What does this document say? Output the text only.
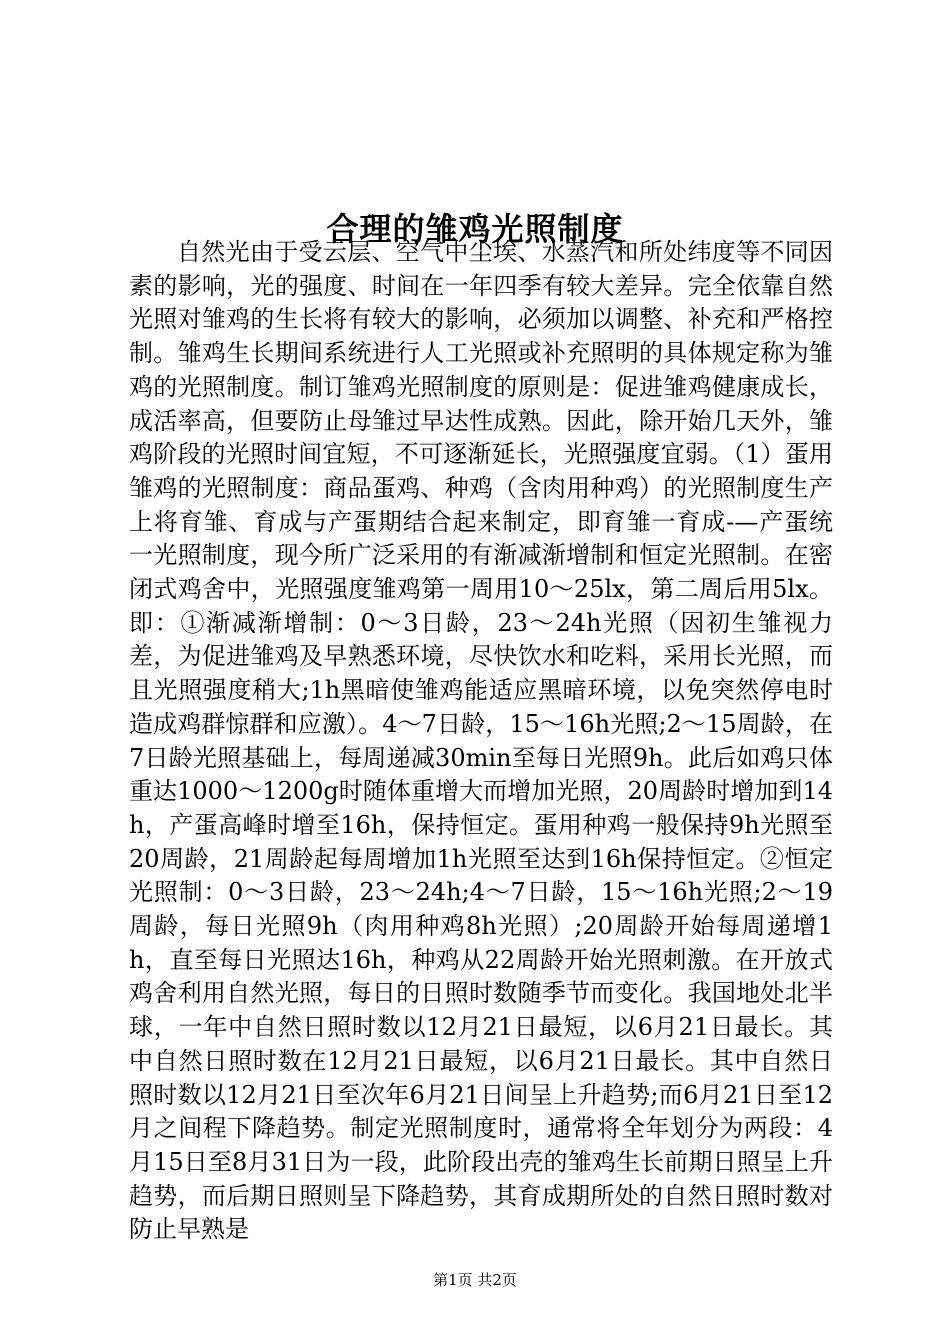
合理的雏鸡光照制度

自然光由于受云层、空气中尘埃、水蒸汽和所处纬度等不同因素的影响，光的强度、时间在一年四季有较大差异。完全依靠自然光照对雏鸡的生长将有较大的影响，必须加以调整、补充和严格控制。雏鸡生长期间系统进行人工光照或补充照明的具体规定称为雏鸡的光照制度。制订雏鸡光照制度的原则是：促进雏鸡健康成长，成活率高，但要防止母雏过早达性成熟。因此，除开始几天外，雏鸡阶段的光照时间宜短，不可逐渐延长，光照强度宜弱。（1）蛋用雏鸡的光照制度：商品蛋鸡、种鸡（含肉用种鸡）的光照制度生产上将育雏、育成与产蛋期结合起来制定，即育雏一育成-—产蛋统一光照制度，现今所广泛采用的有渐减渐增制和恒定光照制。在密闭式鸡舍中，光照强度雏鸡第一周用10～25lx，第二周后用5lx。即：①渐减渐增制：0～3日龄，23～24h光照（因初生雏视力差，为促进雏鸡及早熟悉环境，尽快饮水和吃料，采用长光照，而且光照强度稍大;1h黑暗使雏鸡能适应黑暗环境，以免突然停电时造成鸡群惊群和应激）。4～7日龄，15～16h光照;2～15周龄，在7日龄光照基础上，每周递减30min至每日光照9h。此后如鸡只体重达1000～1200g时随体重增大而增加光照，20周龄时增加到14h，产蛋高峰时增至16h，保持恒定。蛋用种鸡一般保持9h光照至20周龄，21周龄起每周增加1h光照至达到16h保持恒定。②恒定光照制：0～3日龄，23～24h;4～7日龄，15～16h光照;2～19周龄，每日光照9h（肉用种鸡8h光照）;20周龄开始每周递增1h，直至每日光照达16h，种鸡从22周龄开始光照刺激。在开放式鸡舍利用自然光照，每日的日照时数随季节而变化。我国地处北半球，一年中自然日照时数以12月21日最短，以6月21日最长。其中自然日照时数在12月21日最短，以6月21日最长。其中自然日照时数以12月21日至次年6月21日间呈上升趋势;而6月21日至12月之间程下降趋势。制定光照制度时，通常将全年划分为两段：4月15日至8月31日为一段，此阶段出壳的雏鸡生长前期日照呈上升趋势，而后期日照则呈下降趋势，其育成期所处的自然日照时数对防止早熟是

第1页 共2页
